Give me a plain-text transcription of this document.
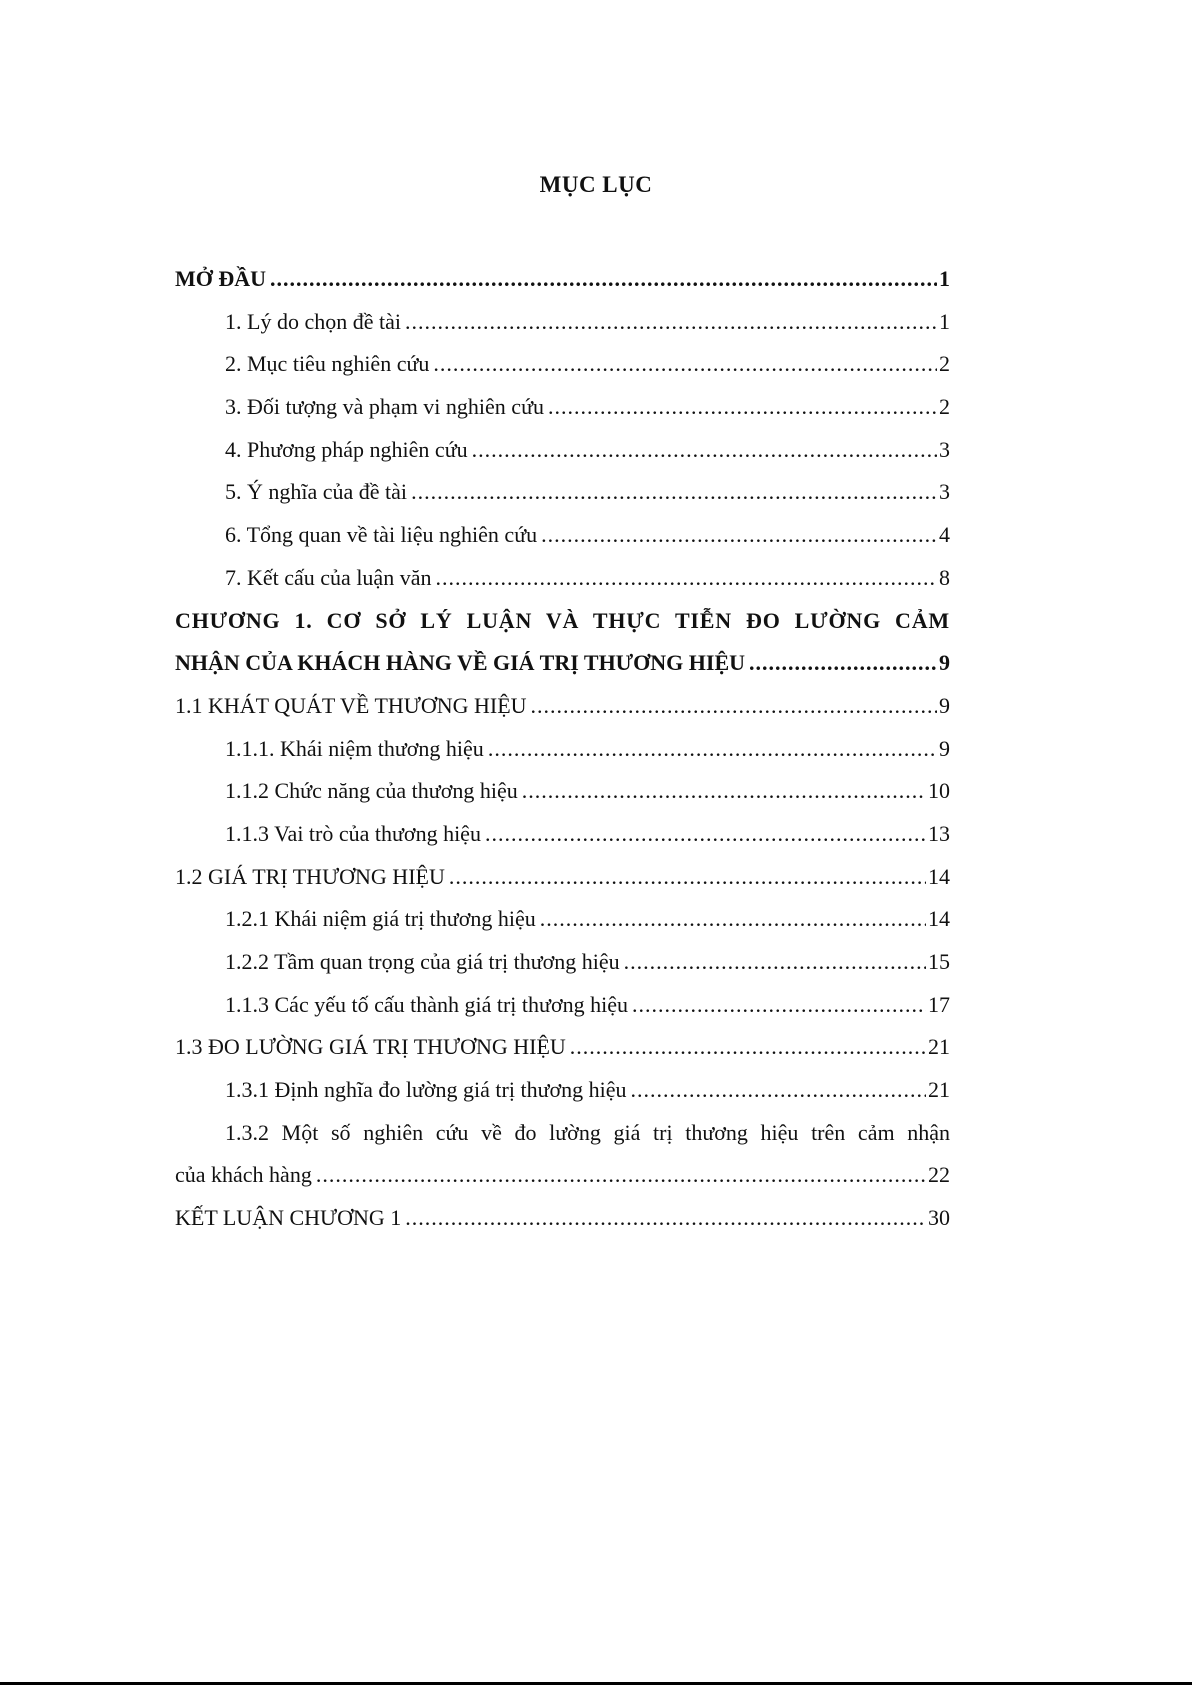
MỤC LỤC
MỞ ĐẦU .....	1
1. Lý do chọn đề tài .....	1
2. Mục tiêu nghiên cứu .....	2
3. Đối tượng và phạm vi nghiên cứu .....	2
4. Phương pháp nghiên cứu .....	3
5. Ý nghĩa của đề tài .....	3
6. Tổng quan về tài liệu nghiên cứu .....	4
7. Kết cấu của luận văn .....	8
CHƯƠNG 1. CƠ SỞ LÝ LUẬN VÀ THỰC TIỄN ĐO LƯỜNG CẢM
NHẬN CỦA KHÁCH HÀNG VỀ GIÁ TRỊ THƯƠNG HIỆU .....	9
1.1 KHÁT QUÁT VỀ THƯƠNG HIỆU .....	9
1.1.1. Khái niệm thương hiệu .....	9
1.1.2 Chức năng của thương hiệu .....	10
1.1.3 Vai trò của thương hiệu .....	13
1.2 GIÁ TRỊ THƯƠNG HIỆU .....	14
1.2.1 Khái niệm giá trị thương hiệu .....	14
1.2.2 Tầm quan trọng của giá trị thương hiệu .....	15
1.1.3 Các yếu tố cấu thành giá trị thương hiệu .....	17
1.3 ĐO LƯỜNG GIÁ TRỊ THƯƠNG HIỆU .....	21
1.3.1 Định nghĩa đo lường giá trị thương hiệu .....	21
1.3.2 Một số nghiên cứu về đo lường giá trị thương hiệu trên cảm nhận
của khách hàng .....	22
KẾT LUẬN CHƯƠNG 1 .....	30
